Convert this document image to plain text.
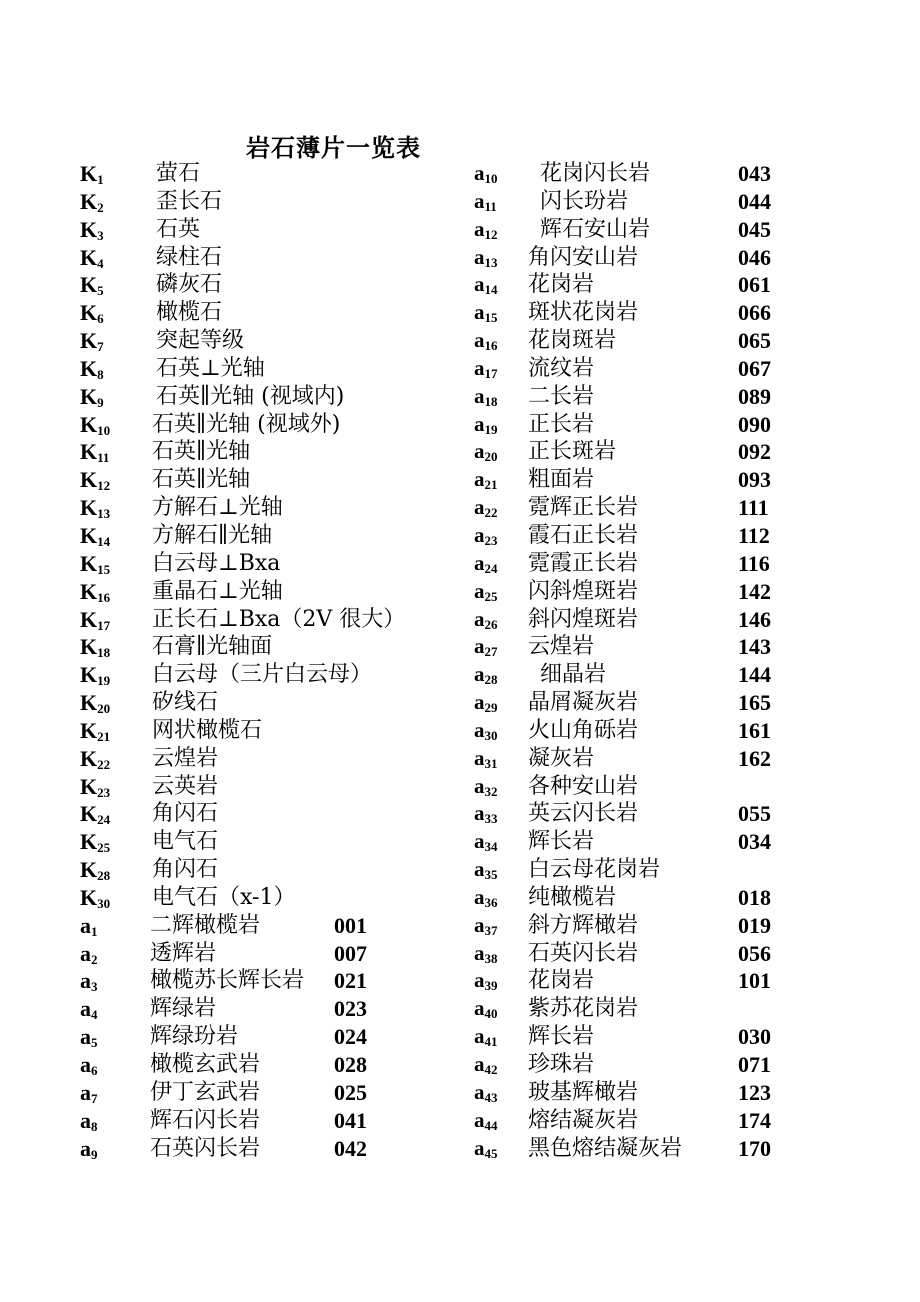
岩石薄片一览表
$K_1$ 萤石
$K_2$ 歪长石
$K_3$ 石英
$K_4$ 绿柱石
$K_5$ 磷灰石
$K_6$ 橄榄石
$K_7$ 突起等级
$K_8$ 石英⊥光轴
$K_9$ 石英∥光轴 (视域内)
$K_{10}$ 石英∥光轴 (视域外)
$K_{11}$ 石英∥光轴
$K_{12}$ 石英∥光轴
$K_{13}$ 方解石⊥光轴
$K_{14}$ 方解石∥光轴
$K_{15}$ 白云母⊥Bxa
$K_{16}$ 重晶石⊥光轴
$K_{17}$ 正长石⊥Bxa（2V 很大）
$K_{18}$ 石膏∥光轴面
$K_{19}$ 白云母（三片白云母）
$K_{20}$ 矽线石
$K_{21}$ 网状橄榄石
$K_{22}$ 云煌岩
$K_{23}$ 云英岩
$K_{24}$ 角闪石
$K_{25}$ 电气石
$K_{28}$ 角闪石
$K_{30}$ 电气石（x-1）
$a_1$ 二辉橄榄岩	001
$a_2$ 透辉岩	007
$a_3$ 橄榄苏长辉长岩 021
$a_4$ 辉绿岩	023
$a_5$ 辉绿玢岩	024
$a_6$ 橄榄玄武岩	028
$a_7$ 伊丁玄武岩	025
$a_8$ 辉石闪长岩	041
$a_9$ 石英闪长岩	042
$a_{10}$ 花岗闪长岩	043
$a_{11}$ 闪长玢岩	044
$a_{12}$ 辉石安山岩	045
$a_{13}$ 角闪安山岩	046
$a_{14}$ 花岗岩	061
$a_{15}$ 斑状花岗岩	066
$a_{16}$ 花岗斑岩	065
$a_{17}$ 流纹岩	067
$a_{18}$ 二长岩	089
$a_{19}$ 正长岩	090
$a_{20}$ 正长斑岩	092
$a_{21}$ 粗面岩	093
$a_{22}$ 霓辉正长岩	111
$a_{23}$ 霞石正长岩	112
$a_{24}$ 霓霞正长岩	116
$a_{25}$ 闪斜煌斑岩	142
$a_{26}$ 斜闪煌斑岩	146
$a_{27}$ 云煌岩	143
$a_{28}$ 细晶岩	144
$a_{29}$ 晶屑凝灰岩	165
$a_{30}$ 火山角砾岩	161
$a_{31}$ 凝灰岩	162
$a_{32}$ 各种安山岩
$a_{33}$ 英云闪长岩	055
$a_{34}$ 辉长岩	034
$a_{35}$ 白云母花岗岩
$a_{36}$ 纯橄榄岩	018
$a_{37}$ 斜方辉橄岩	019
$a_{38}$ 石英闪长岩	056
$a_{39}$ 花岗岩	101
$a_{40}$ 紫苏花岗岩
$a_{41}$ 辉长岩	030
$a_{42}$ 珍珠岩	071
$a_{43}$ 玻基辉橄岩	123
$a_{44}$ 熔结凝灰岩	174
$a_{45}$ 黑色熔结凝灰岩	170
